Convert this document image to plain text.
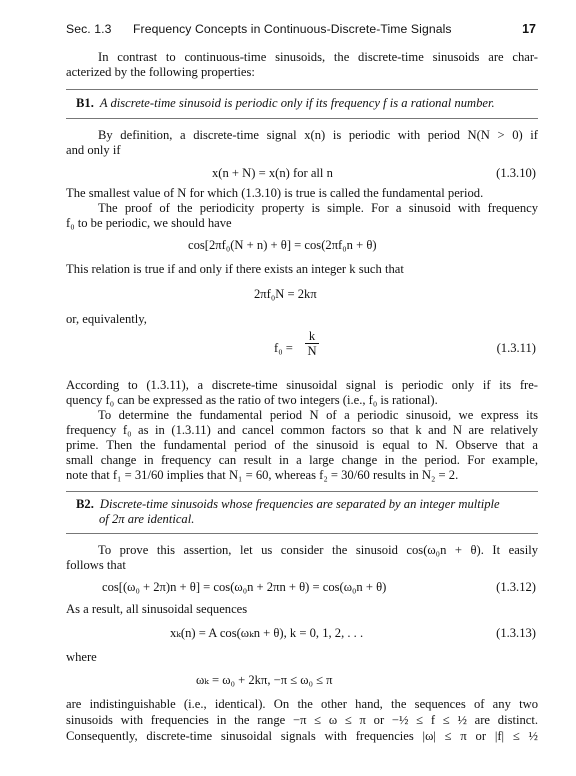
Sec. 1.3 Frequency Concepts in Continuous-Discrete-Time Signals	17
In contrast to continuous-time sinusoids, the discrete-time sinusoids are char-
acterized by the following properties:
B1. A discrete-time sinusoid is periodic only if its frequency f is a rational number.
By definition, a discrete-time signal x(n) is periodic with period N(N > 0) if
and only if
x(n + N) = x(n) for all n	(1.3.10)
The smallest value of N for which (1.3.10) is true is called the fundamental period.
The proof of the periodicity property is simple. For a sinusoid with frequency
f₀ to be periodic, we should have
cos[2πf₀(N + n) + θ] = cos(2πf₀n + θ)
This relation is true if and only if there exists an integer k such that
2πf₀N = 2kπ
or, equivalently,
f₀ =
k
N	(1.3.11)
According to (1.3.11), a discrete-time sinusoidal signal is periodic only if its fre-
quency f₀ can be expressed as the ratio of two integers (i.e., f₀ is rational).
To determine the fundamental period N of a periodic sinusoid, we express its
frequency f₀ as in (1.3.11) and cancel common factors so that k and N are relatively
prime. Then the fundamental period of the sinusoid is equal to N. Observe that a
small change in frequency can result in a large change in the period. For example,
note that f₁ = 31/60 implies that N₁ = 60, whereas f₂ = 30/60 results in N₂ = 2.
B2. Discrete-time sinusoids whose frequencies are separated by an integer multiple
of 2π are identical.
To prove this assertion, let us consider the sinusoid cos(ω₀n + θ). It easily
follows that
cos[(ω₀ + 2π)n + θ] = cos(ω₀n + 2πn + θ) = cos(ω₀n + θ)	(1.3.12)
As a result, all sinusoidal sequences
xₖ(n) = A cos(ωₖn + θ), k = 0, 1, 2, . . .	(1.3.13)
where
ωₖ = ω₀ + 2kπ, −π ≤ ω₀ ≤ π
are indistinguishable (i.e., identical). On the other hand, the sequences of any two
sinusoids with frequencies in the range −π ≤ ω ≤ π or −½ ≤ f ≤ ½ are distinct.
Consequently, discrete-time sinusoidal signals with frequencies |ω| ≤ π or |f| ≤ ½
